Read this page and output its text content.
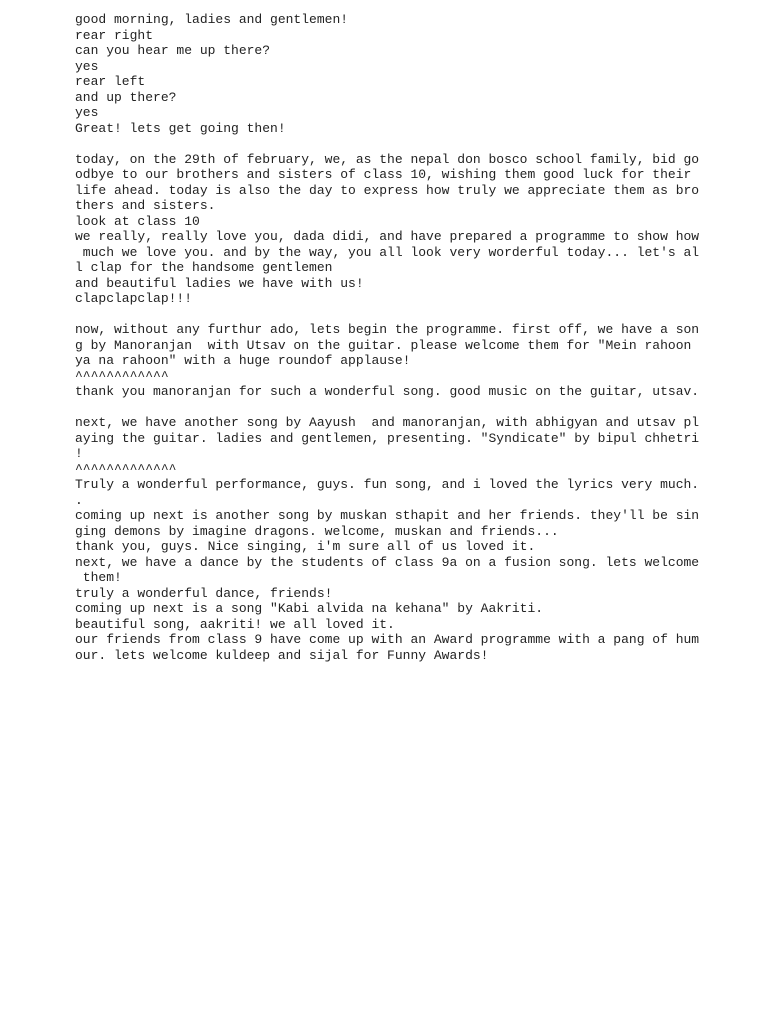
good morning, ladies and gentlemen!
rear right
can you hear me up there?
yes
rear left
and up there?
yes
Great! lets get going then!
today, on the 29th of february, we, as the nepal don bosco school family, bid go
odbye to our brothers and sisters of class 10, wishing them good luck for their
life ahead. today is also the day to express how truly we appreciate them as bro
thers and sisters.
look at class 10
we really, really love you, dada didi, and have prepared a programme to show how
much we love you. and by the way, you all look very worderful today... let's al
l clap for the handsome gentlemen
and beautiful ladies we have with us!
clapclapclap!!!
now, without any furthur ado, lets begin the programme. first off, we have a son
g by Manoranjan  with Utsav on the guitar. please welcome them for "Mein rahoon
ya na rahoon" with a huge roundof applause!
^^^^^^^^^^^^
thank you manoranjan for such a wonderful song. good music on the guitar, utsav.
next, we have another song by Aayush  and manoranjan, with abhigyan and utsav pl
aying the guitar. ladies and gentlemen, presenting. "Syndicate" by bipul chhetri
!
^^^^^^^^^^^^^
Truly a wonderful performance, guys. fun song, and i loved the lyrics very much.
.
coming up next is another song by muskan sthapit and her friends. they'll be sin
ging demons by imagine dragons. welcome, muskan and friends...
thank you, guys. Nice singing, i'm sure all of us loved it.
next, we have a dance by the students of class 9a on a fusion song. lets welcome
them!
truly a wonderful dance, friends!
coming up next is a song "Kabi alvida na kehana" by Aakriti.
beautiful song, aakriti! we all loved it.
our friends from class 9 have come up with an Award programme with a pang of hum
our. lets welcome kuldeep and sijal for Funny Awards!
